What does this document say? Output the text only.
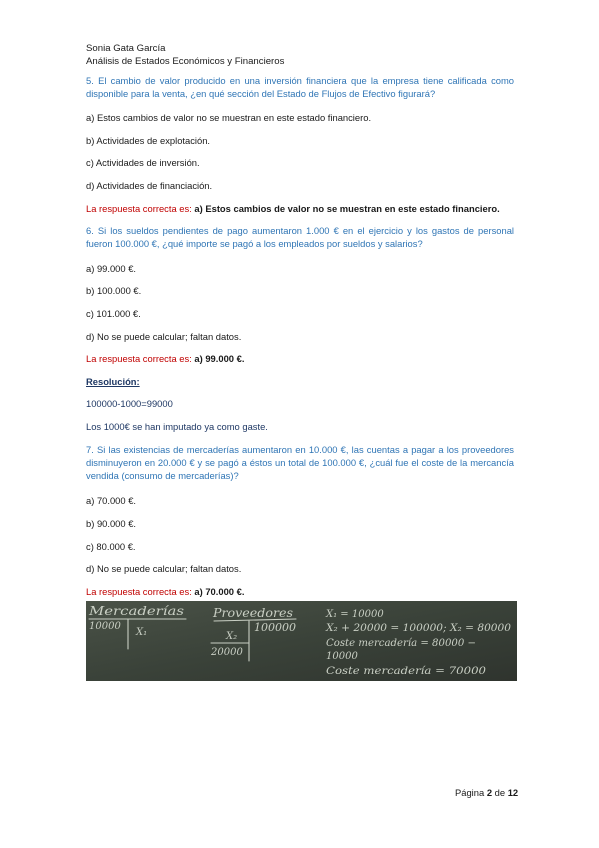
Sonia Gata García

Análisis de Estados Económicos y Financieros

5. El cambio de valor producido en una inversión financiera que la empresa tiene calificada como disponible para la venta, ¿en qué sección del Estado de Flujos de Efectivo figurará?

a) Estos cambios de valor no se muestran en este estado financiero.

b) Actividades de explotación.

c) Actividades de inversión.

d) Actividades de financiación.

La respuesta correcta es: a) Estos cambios de valor no se muestran en este estado financiero.

6. Si los sueldos pendientes de pago aumentaron 1.000 € en el ejercicio y los gastos de personal fueron 100.000 €, ¿qué importe se pagó a los empleados por sueldos y salarios?

a) 99.000 €.

b) 100.000 €.

c) 101.000 €.

d) No se puede calcular; faltan datos.

La respuesta correcta es: a) 99.000 €.

Resolución:

100000-1000=99000

Los 1000€ se han imputado ya como gaste.

7. Si las existencias de mercaderías aumentaron en 10.000 €, las cuentas a pagar a los proveedores disminuyeron en 20.000 € y se pagó a éstos un total de 100.000 €, ¿cuál fue el coste de la mercancía vendida (consumo de mercaderías)?

a) 70.000 €.

b) 90.000 €.

c) 80.000 €.

d) No se puede calcular; faltan datos.

La respuesta correcta es: a) 70.000 €.

Mercaderías
10000
X₁
Proveedores
100000
X₂
20000
X₁ = 10000
X₂ + 20000 = 100000; X₂ = 80000
Coste mercadería = 80000 −
10000
Coste mercadería = 70000
Página 2 de 12
